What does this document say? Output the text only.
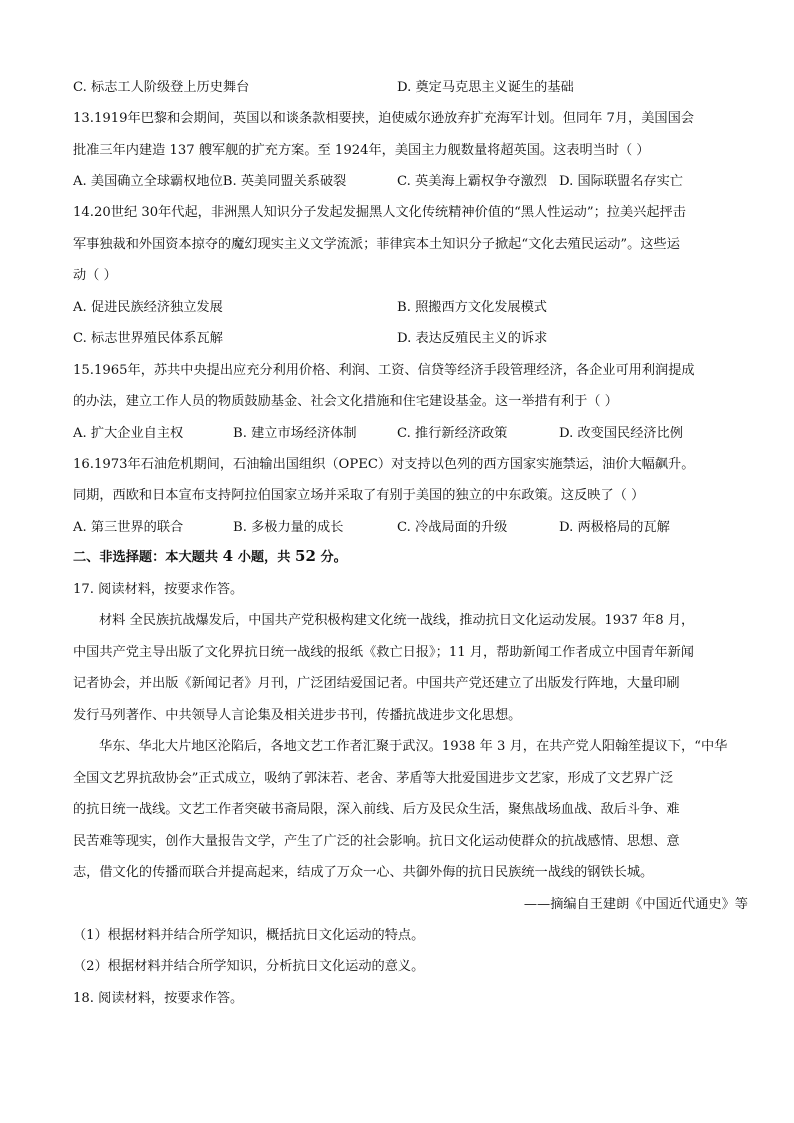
C. 标志工人阶级登上历史舞台	D. 奠定马克思主义诞生的基础
13.1919年巴黎和会期间，英国以和谈条款相要挟，迫使威尔逊放弃扩充海军计划。但同年 7月，美国国会
批准三年内建造 137 艘军舰的扩充方案。至 1924年，美国主力舰数量将超英国。这表明当时（ ）
A. 美国确立全球霸权地位B. 英美同盟关系破裂	C. 英美海上霸权争夺激烈 D. 国际联盟名存实亡
14.20世纪 30年代起，非洲黑人知识分子发起发掘黑人文化传统精神价值的“黑人性运动”；拉美兴起抨击
军事独裁和外国资本掠夺的魔幻现实主义文学流派；菲律宾本土知识分子掀起“文化去殖民运动”。这些运
动（ ）
A. 促进民族经济独立发展	B. 照搬西方文化发展模式
C. 标志世界殖民体系瓦解	D. 表达反殖民主义的诉求
15.1965年，苏共中央提出应充分利用价格、利润、工资、信贷等经济手段管理经济，各企业可用利润提成
的办法，建立工作人员的物质鼓励基金、社会文化措施和住宅建设基金。这一举措有利于（ ）
A. 扩大企业自主权	B. 建立市场经济体制	C. 推行新经济政策	D. 改变国民经济比例
16.1973年石油危机期间，石油输出国组织（OPEC）对支持以色列的西方国家实施禁运，油价大幅飙升。
同期，西欧和日本宣布支持阿拉伯国家立场并采取了有别于美国的独立的中东政策。这反映了（ ）
A. 第三世界的联合	B. 多极力量的成长	C. 冷战局面的升级	D. 两极格局的瓦解
二、非选择题：本大题共 4 小题，共 52 分。
17. 阅读材料，按要求作答。
材料 全民族抗战爆发后，中国共产党积极构建文化统一战线，推动抗日文化运动发展。1937 年8 月，
中国共产党主导出版了文化界抗日统一战线的报纸《救亡日报》；11 月，帮助新闻工作者成立中国青年新闻
记者协会，并出版《新闻记者》月刊，广泛团结爱国记者。中国共产党还建立了出版发行阵地，大量印刷
发行马列著作、中共领导人言论集及相关进步书刊，传播抗战进步文化思想。
华东、华北大片地区沦陷后，各地文艺工作者汇聚于武汉。1938 年 3 月，在共产党人阳翰笙提议下，“中华
全国文艺界抗敌协会”正式成立，吸纳了郭沫若、老舍、茅盾等大批爱国进步文艺家，形成了文艺界广泛
的抗日统一战线。文艺工作者突破书斋局限，深入前线、后方及民众生活，聚焦战场血战、敌后斗争、难
民苦难等现实，创作大量报告文学，产生了广泛的社会影响。抗日文化运动使群众的抗战感情、思想、意
志，借文化的传播而联合并提高起来，结成了万众一心、共御外侮的抗日民族统一战线的钢铁长城。
——摘编自王建朗《中国近代通史》等
（1）根据材料并结合所学知识，概括抗日文化运动的特点。
（2）根据材料并结合所学知识，分析抗日文化运动的意义。
18. 阅读材料，按要求作答。
